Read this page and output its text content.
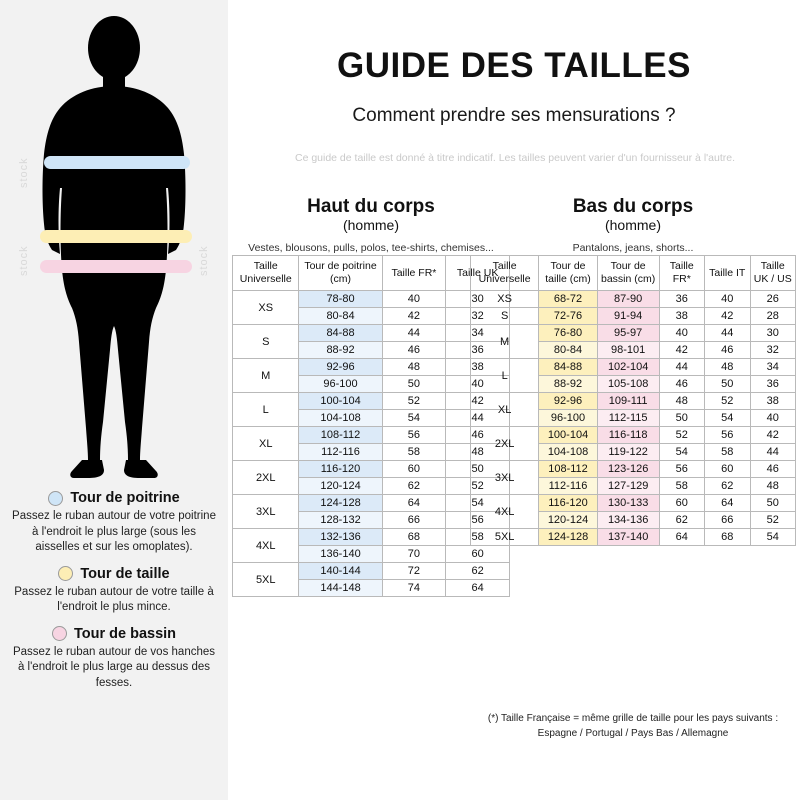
stock
stock	stock
Tour de poitrine
Passez le ruban autour de votre poitrine à l'endroit le plus large (sous les aisselles et sur les omoplates).
Tour de taille
Passez le ruban autour de votre taille à l'endroit le plus mince.
Tour de bassin
Passez le ruban autour de vos hanches à l'endroit le plus large au dessus des fesses.
GUIDE DES TAILLES
Comment prendre ses mensurations ?
Ce guide de taille est donné à titre indicatif. Les tailles peuvent varier d'un fournisseur à l'autre.
Haut du corps
(homme)
Vestes, blousons, pulls, polos, tee-shirts, chemises...
Taille Universelle	Tour de poitrine (cm)	Taille FR*	Taille UK
XS	78-80	40	30
	80-84	42	32
S	84-88	44	34
	88-92	46	36
M	92-96	48	38
	96-100	50	40
L	100-104	52	42
	104-108	54	44
XL	108-112	56	46
	112-116	58	48
2XL	116-120	60	50
	120-124	62	52
3XL	124-128	64	54
	128-132	66	56
4XL	132-136	68	58
	136-140	70	60
5XL	140-144	72	62
	144-148	74	64
Bas du corps
(homme)
Pantalons, jeans, shorts...
Taille Universelle	Tour de taille (cm)	Tour de bassin (cm)	Taille FR*	Taille IT	Taille UK / US
XS	68-72	87-90	36	40	26
S	72-76	91-94	38	42	28
M	76-80	95-97	40	44	30
	80-84	98-101	42	46	32
L	84-88	102-104	44	48	34
	88-92	105-108	46	50	36
XL	92-96	109-111	48	52	38
	96-100	112-115	50	54	40
2XL	100-104	116-118	52	56	42
	104-108	119-122	54	58	44
3XL	108-112	123-126	56	60	46
	112-116	127-129	58	62	48
4XL	116-120	130-133	60	64	50
	120-124	134-136	62	66	52
5XL	124-128	137-140	64	68	54
(*) Taille Française = même grille de taille pour les pays suivants : Espagne / Portugal / Pays Bas / Allemagne
